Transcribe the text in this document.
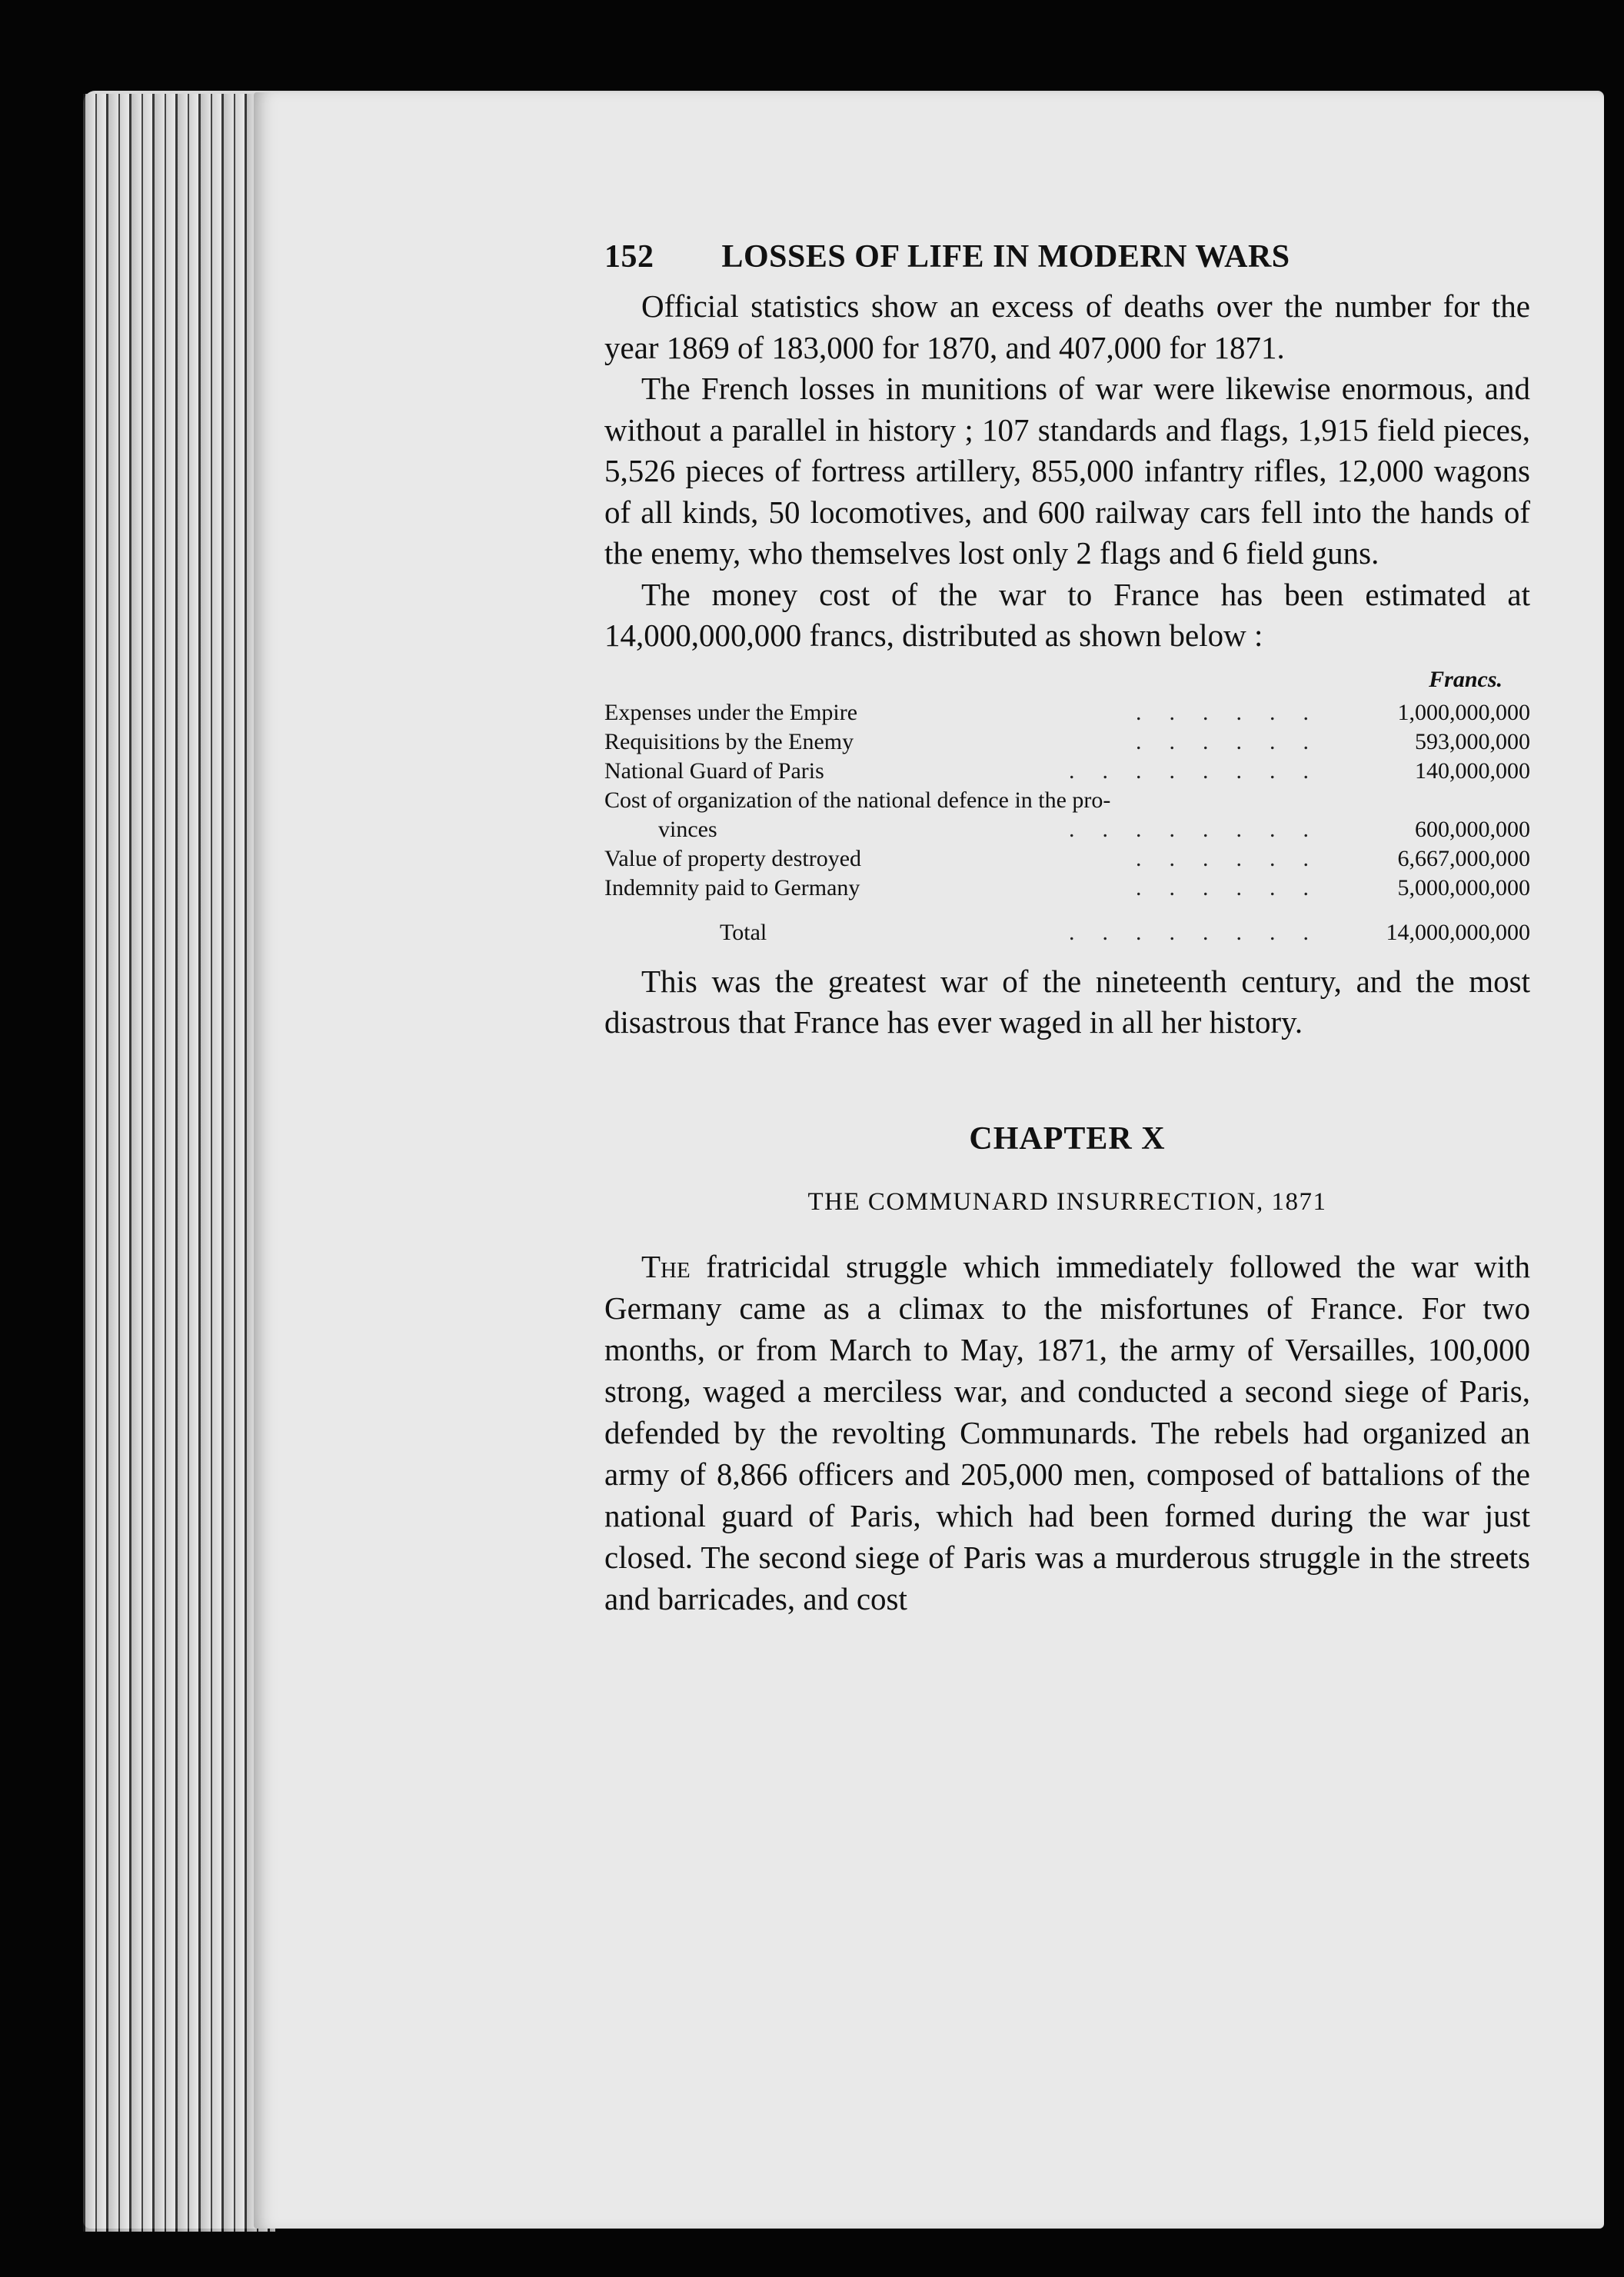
152 LOSSES OF LIFE IN MODERN WARS

Official statistics show an excess of deaths over the number for the year 1869 of 183,000 for 1870, and 407,000 for 1871.

The French losses in munitions of war were likewise enormous, and without a parallel in history ; 107 standards and flags, 1,915 field pieces, 5,526 pieces of fortress artillery, 855,000 infantry rifles, 12,000 wagons of all kinds, 50 locomotives, and 600 railway cars fell into the hands of the enemy, who themselves lost only 2 flags and 6 field guns.

The money cost of the war to France has been estimated at 14,000,000,000 francs, distributed as shown below :

Francs.
Expenses under the Empire	......	1,000,000,000
Requisitions by the Enemy	......	593,000,000
National Guard of Paris	........	140,000,000
Cost of organization of the national defence in the pro-
vinces	........	600,000,000
Value of property destroyed	......	6,667,000,000
Indemnity paid to Germany	......	5,000,000,000
Total	........	14,000,000,000

This was the greatest war of the nineteenth century, and the most disastrous that France has ever waged in all her history.

CHAPTER X
THE COMMUNARD INSURRECTION, 1871

The fratricidal struggle which immediately followed the war with Germany came as a climax to the misfortunes of France. For two months, or from March to May, 1871, the army of Versailles, 100,000 strong, waged a merciless war, and conducted a second siege of Paris, defended by the revolting Communards. The rebels had organized an army of 8,866 officers and 205,000 men, composed of battalions of the national guard of Paris, which had been formed during the war just closed. The second siege of Paris was a murderous struggle in the streets and barricades, and cost
